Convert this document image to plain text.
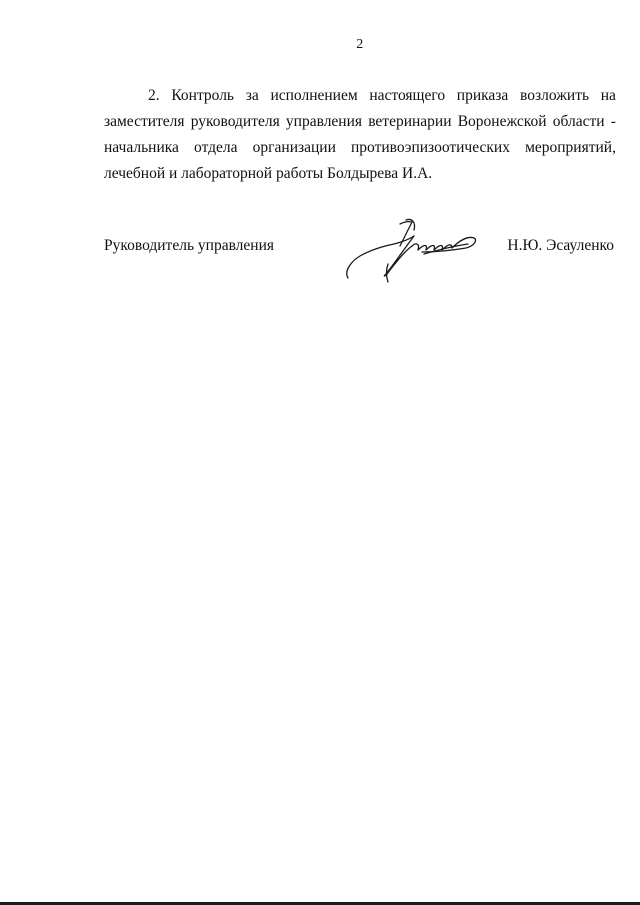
2
2. Контроль за исполнением настоящего приказа возложить на
заместителя руководителя управления ветеринарии Воронежской области -
начальника отдела организации противоэпизоотических мероприятий,
лечебной и лабораторной работы Болдырева И.А.
Руководитель управления	Н.Ю. Эсауленко
